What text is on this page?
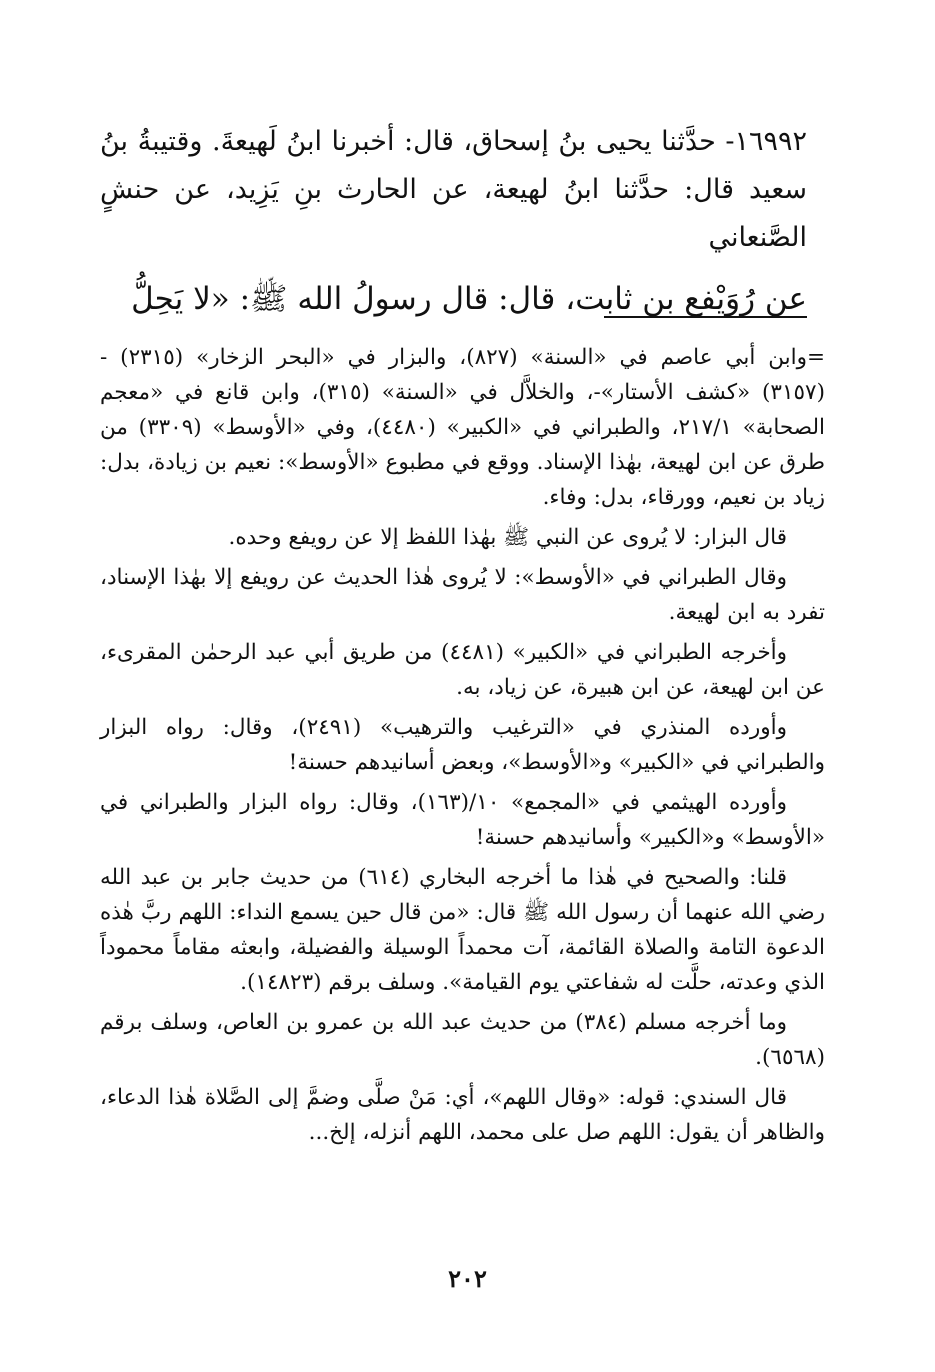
١٦٩٩٢- حدَّثنا يحيى بنُ إسحاق، قال: أخبرنا ابنُ لَهيعةَ. وقتيبةُ بنُ

سعيد قال: حدَّثنا ابنُ لهيعة، عن الحارث بنِ يَزِيد، عن حنشٍ الصَّنعاني

عن رُوَيْفع بن ثابت، قال: قال رسولُ الله ﷺ: «لا يَحِلُّ

=وابن أبي عاصم في «السنة» (٨٢٧)، والبزار في «البحر الزخار» (٢٣١٥) - (٣١٥٧) «كشف الأستار»-، والخلاَّل في «السنة» (٣١٥)، وابن قانع في «معجم الصحابة» ٢١٧/١، والطبراني في «الكبير» (٤٤٨٠)، وفي «الأوسط» (٣٣٠٩) من طرق عن ابن لهيعة، بهٰذا الإسناد. ووقع في مطبوع «الأوسط»: نعيم بن زيادة، بدل: زياد بن نعيم، وورقاء، بدل: وفاء.

قال البزار: لا يُروى عن النبي ﷺ بهٰذا اللفظ إلا عن رويفع وحده.

وقال الطبراني في «الأوسط»: لا يُروى هٰذا الحديث عن رويفع إلا بهٰذا الإسناد، تفرد به ابن لهيعة.

وأخرجه الطبراني في «الكبير» (٤٤٨١) من طريق أبي عبد الرحمٰن المقرىء، عن ابن لهيعة، عن ابن هبيرة، عن زياد، به.

وأورده المنذري في «الترغيب والترهيب» (٢٤٩١)، وقال: رواه البزار والطبراني في «الكبير» و«الأوسط»، وبعض أسانيدهم حسنة!

وأورده الهيثمي في «المجمع» ١٠/(١٦٣)، وقال: رواه البزار والطبراني في «الأوسط» و«الكبير» وأسانيدهم حسنة!

قلنا: والصحيح في هٰذا ما أخرجه البخاري (٦١٤) من حديث جابر بن عبد الله رضي الله عنهما أن رسول الله ﷺ قال: «من قال حين يسمع النداء: اللهم ربَّ هٰذه الدعوة التامة والصلاة القائمة، آت محمداً الوسيلة والفضيلة، وابعثه مقاماً محموداً الذي وعدته، حلَّت له شفاعتي يوم القيامة». وسلف برقم (١٤٨٢٣).

وما أخرجه مسلم (٣٨٤) من حديث عبد الله بن عمرو بن العاص، وسلف برقم (٦٥٦٨).

قال السندي: قوله: «وقال اللهم»، أي: مَنْ صلَّى وضمَّ إلى الصَّلاة هٰذا الدعاء، والظاهر أن يقول: اللهم صل على محمد، اللهم أنزله، إلخ...

٢٠٢
